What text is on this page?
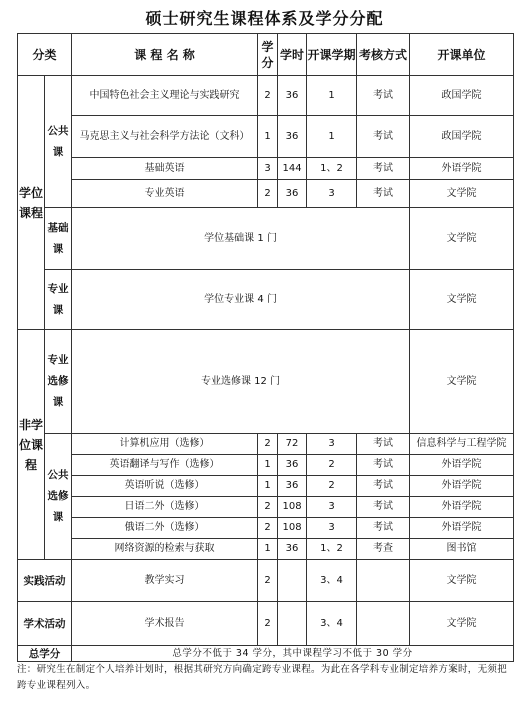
硕士研究生课程体系及学分分配
分类		课 程 名 称	学分	学时	开课学期	考核方式	开课单位
学位课程	公共课	中国特色社会主义理论与实践研究	2	36	1	考试	政国学院
		马克思主义与社会科学方法论（文科）	1	36	1	考试	政国学院
		基础英语	3	144	1、2	考试	外语学院
		专业英语	2	36	3	考试	文学院
	基础课	学位基础课 1 门					文学院
	专业课	学位专业课 4 门					文学院
非学位课程	专业选修课	专业选修课 12 门					文学院
	公共选修课	计算机应用（选修）	2	72	3	考试	信息科学与工程学院
		英语翻译与写作（选修）	1	36	2	考试	外语学院
		英语听说（选修）	1	36	2	考试	外语学院
		日语二外（选修）	2	108	3	考试	外语学院
		俄语二外（选修）	2	108	3	考试	外语学院
		网络资源的检索与获取	1	36	1、2	考查	图书馆
实践活动		教学实习	2		3、4		文学院
学术活动		学术报告	2		3、4		文学院
总学分		总学分不低于 34 学分，其中课程学习不低于 30 学分					
注：研究生在制定个人培养计划时，根据其研究方向确定跨专业课程。为此在各学科专业制定培养方案时，无须把跨专业课程列入。
